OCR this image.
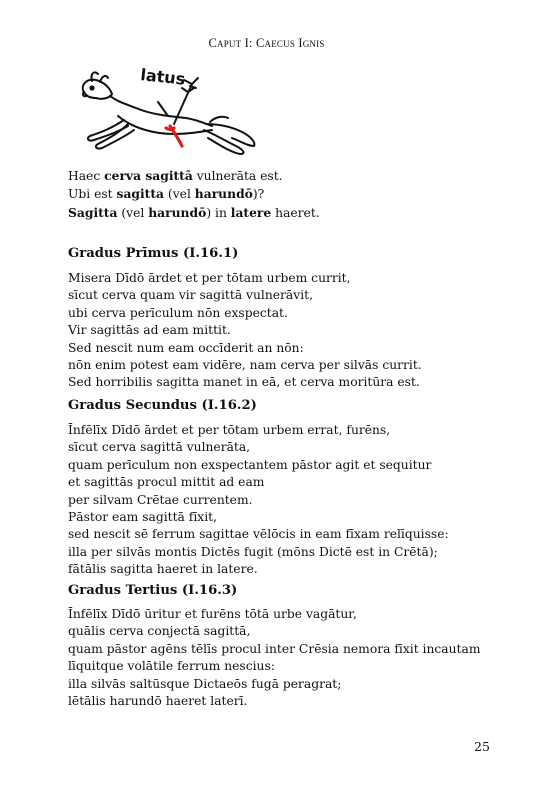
Caput I: Caecus Ignis
latus
Haec cerva sagittā vulnerāta est.
Ubi est sagitta (vel harundō)?
Sagitta (vel harundō) in latere haeret.
Gradus Prīmus (I.16.1)
Misera Dīdō ārdet et per tōtam urbem currit,
sīcut cerva quam vir sagittā vulnerāvit,
ubi cerva perīculum nōn exspectat.
Vir sagittās ad eam mittit.
Sed nescit num eam occīderit an nōn:
nōn enim potest eam vidēre, nam cerva per silvās currit.
Sed horribilis sagitta manet in eā, et cerva moritūra est.
Gradus Secundus (I.16.2)
Īnfēlīx Dīdō ārdet et per tōtam urbem errat, furēns,
sīcut cerva sagittā vulnerāta,
quam perīculum non exspectantem pāstor agit et sequitur
et sagittās procul mittit ad eam
per silvam Crētae currentem.
Pāstor eam sagittā fīxit,
sed nescit sē ferrum sagittae vēlōcis in eam fīxam relīquisse:
illa per silvās montis Dictēs fugit (mōns Dictē est in Crētā);
fātālis sagitta haeret in latere.
Gradus Tertius (I.16.3)
Īnfēlīx Dīdō ūritur et furēns tōtā urbe vagātur,
quālis cerva conjectā sagittā,
quam pāstor agēns tēlīs procul inter Crēsia nemora fīxit incautam
līquitque volātile ferrum nescius:
illa silvās saltūsque Dictaeōs fugā peragrat;
lētālis harundō haeret laterī.
25
